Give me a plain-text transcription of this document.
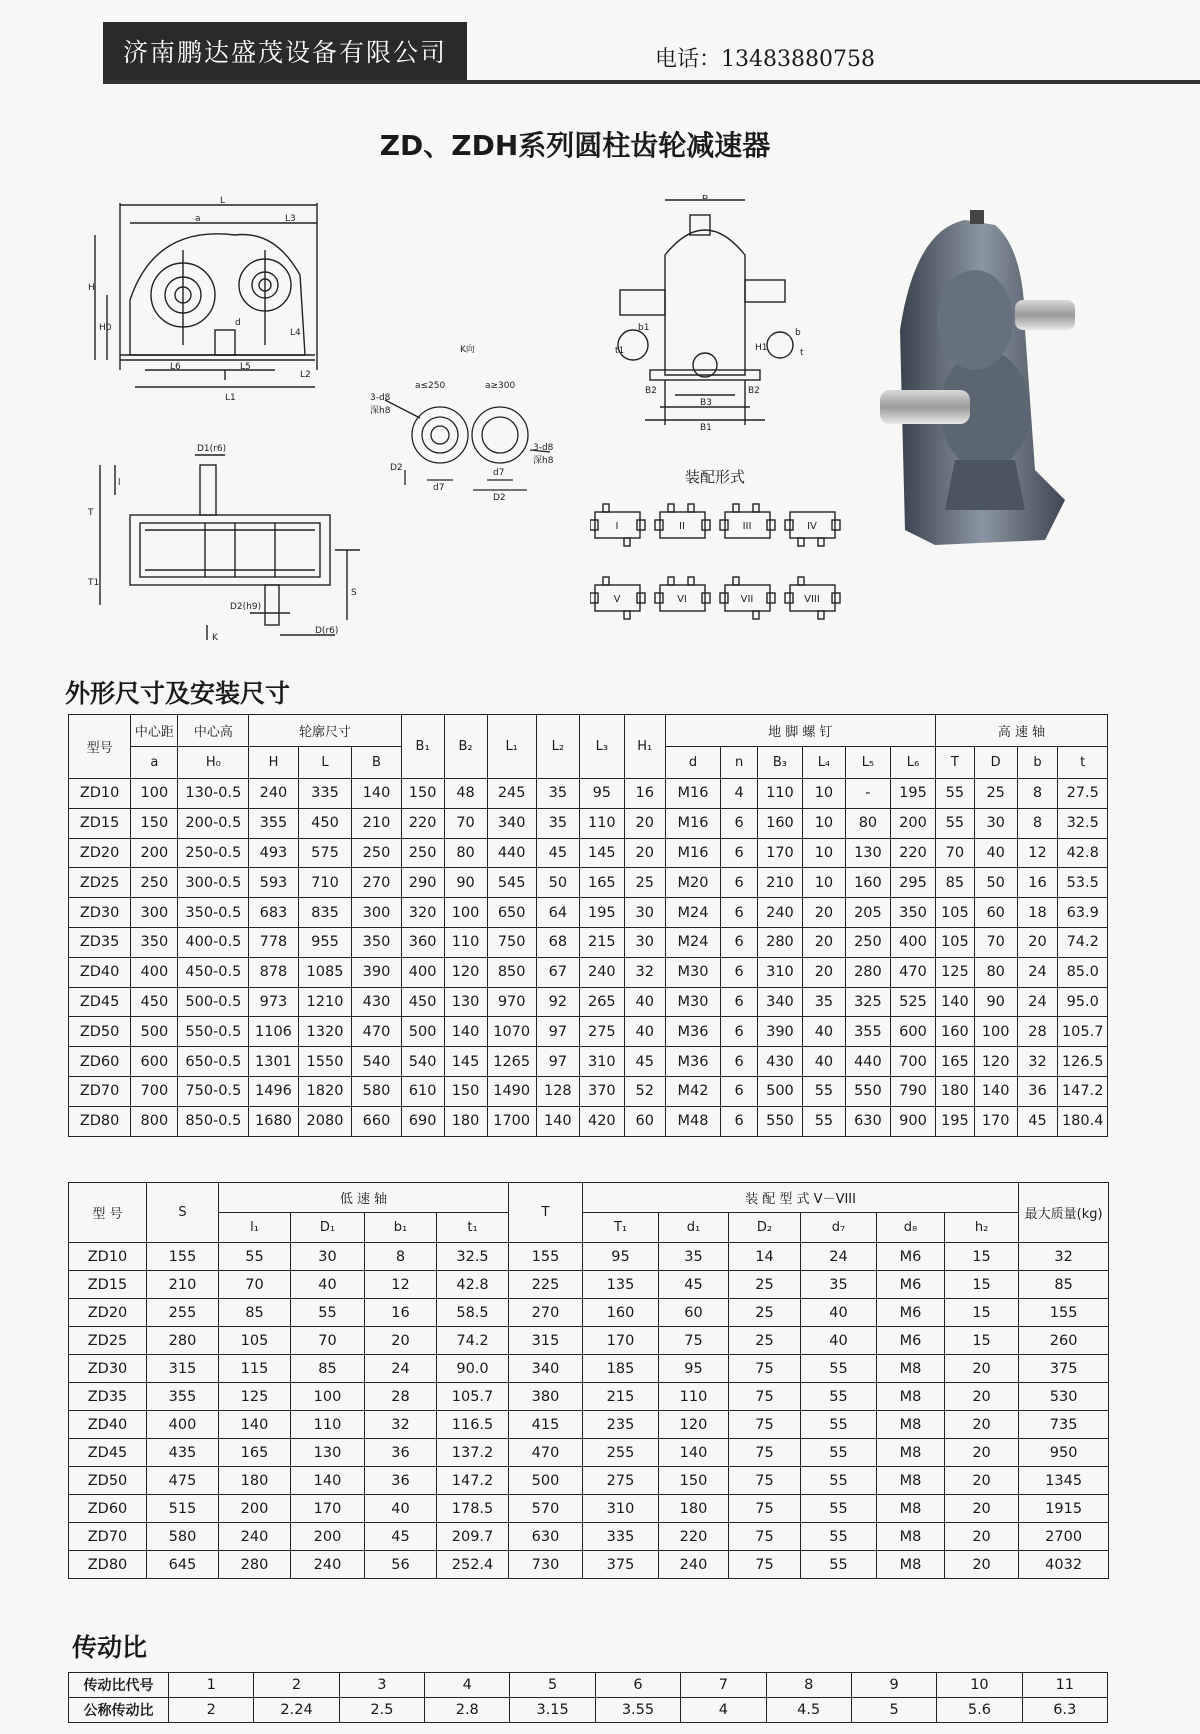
济南鹏达盛茂设备有限公司	电话：13483880758
ZD、ZDH系列圆柱齿轮减速器
L
a	L3
H
H0	d
L4
L6	L5
L2
L1
D1(r6)
l
T
T1
S
D2(h9)
D(r6)
K
K向
a≤250	a≥300
3-d8
深h8
3-d8
深h8
D2
d7
d7
D2
B
b1
t1
b
t
H1
B2
B3
B1
B2
装配形式
I	II	III	IV
V	VI	VII	VIII
外形尺寸及安装尺寸
型号	中心距	中心高	轮廓尺寸			B₁	B₂	L₁	L₂	L₃	H₁	地 脚 螺 钉						高 速 轴			
	a	H₀	H	L	B							d	n	B₃	L₄	L₅	L₆	T	D	b	t
ZD10	100	130-0.5	240	335	140	150	48	245	35	95	16	M16	4	110	10	-	195	55	25	8	27.5
ZD15	150	200-0.5	355	450	210	220	70	340	35	110	20	M16	6	160	10	80	200	55	30	8	32.5
ZD20	200	250-0.5	493	575	250	250	80	440	45	145	20	M16	6	170	10	130	220	70	40	12	42.8
ZD25	250	300-0.5	593	710	270	290	90	545	50	165	25	M20	6	210	10	160	295	85	50	16	53.5
ZD30	300	350-0.5	683	835	300	320	100	650	64	195	30	M24	6	240	20	205	350	105	60	18	63.9
ZD35	350	400-0.5	778	955	350	360	110	750	68	215	30	M24	6	280	20	250	400	105	70	20	74.2
ZD40	400	450-0.5	878	1085	390	400	120	850	67	240	32	M30	6	310	20	280	470	125	80	24	85.0
ZD45	450	500-0.5	973	1210	430	450	130	970	92	265	40	M30	6	340	35	325	525	140	90	24	95.0
ZD50	500	550-0.5	1106	1320	470	500	140	1070	97	275	40	M36	6	390	40	355	600	160	100	28	105.7
ZD60	600	650-0.5	1301	1550	540	540	145	1265	97	310	45	M36	6	430	40	440	700	165	120	32	126.5
ZD70	700	750-0.5	1496	1820	580	610	150	1490	128	370	52	M42	6	500	55	550	790	180	140	36	147.2
ZD80	800	850-0.5	1680	2080	660	690	180	1700	140	420	60	M48	6	550	55	630	900	195	170	45	180.4
型 号	S	低 速 轴				T	装 配 型 式 V－VIII						最大质量(kg)
		l₁	D₁	b₁	t₁		T₁	d₁	D₂	d₇	d₈	h₂	
ZD10	155	55	30	8	32.5	155	95	35	14	24	M6	15	32
ZD15	210	70	40	12	42.8	225	135	45	25	35	M6	15	85
ZD20	255	85	55	16	58.5	270	160	60	25	40	M6	15	155
ZD25	280	105	70	20	74.2	315	170	75	25	40	M6	15	260
ZD30	315	115	85	24	90.0	340	185	95	75	55	M8	20	375
ZD35	355	125	100	28	105.7	380	215	110	75	55	M8	20	530
ZD40	400	140	110	32	116.5	415	235	120	75	55	M8	20	735
ZD45	435	165	130	36	137.2	470	255	140	75	55	M8	20	950
ZD50	475	180	140	36	147.2	500	275	150	75	55	M8	20	1345
ZD60	515	200	170	40	178.5	570	310	180	75	55	M8	20	1915
ZD70	580	240	200	45	209.7	630	335	220	75	55	M8	20	2700
ZD80	645	280	240	56	252.4	730	375	240	75	55	M8	20	4032
传动比
传动比代号	1	2	3	4	5	6	7	8	9	10	11
公称传动比	2	2.24	2.5	2.8	3.15	3.55	4	4.5	5	5.6	6.3
